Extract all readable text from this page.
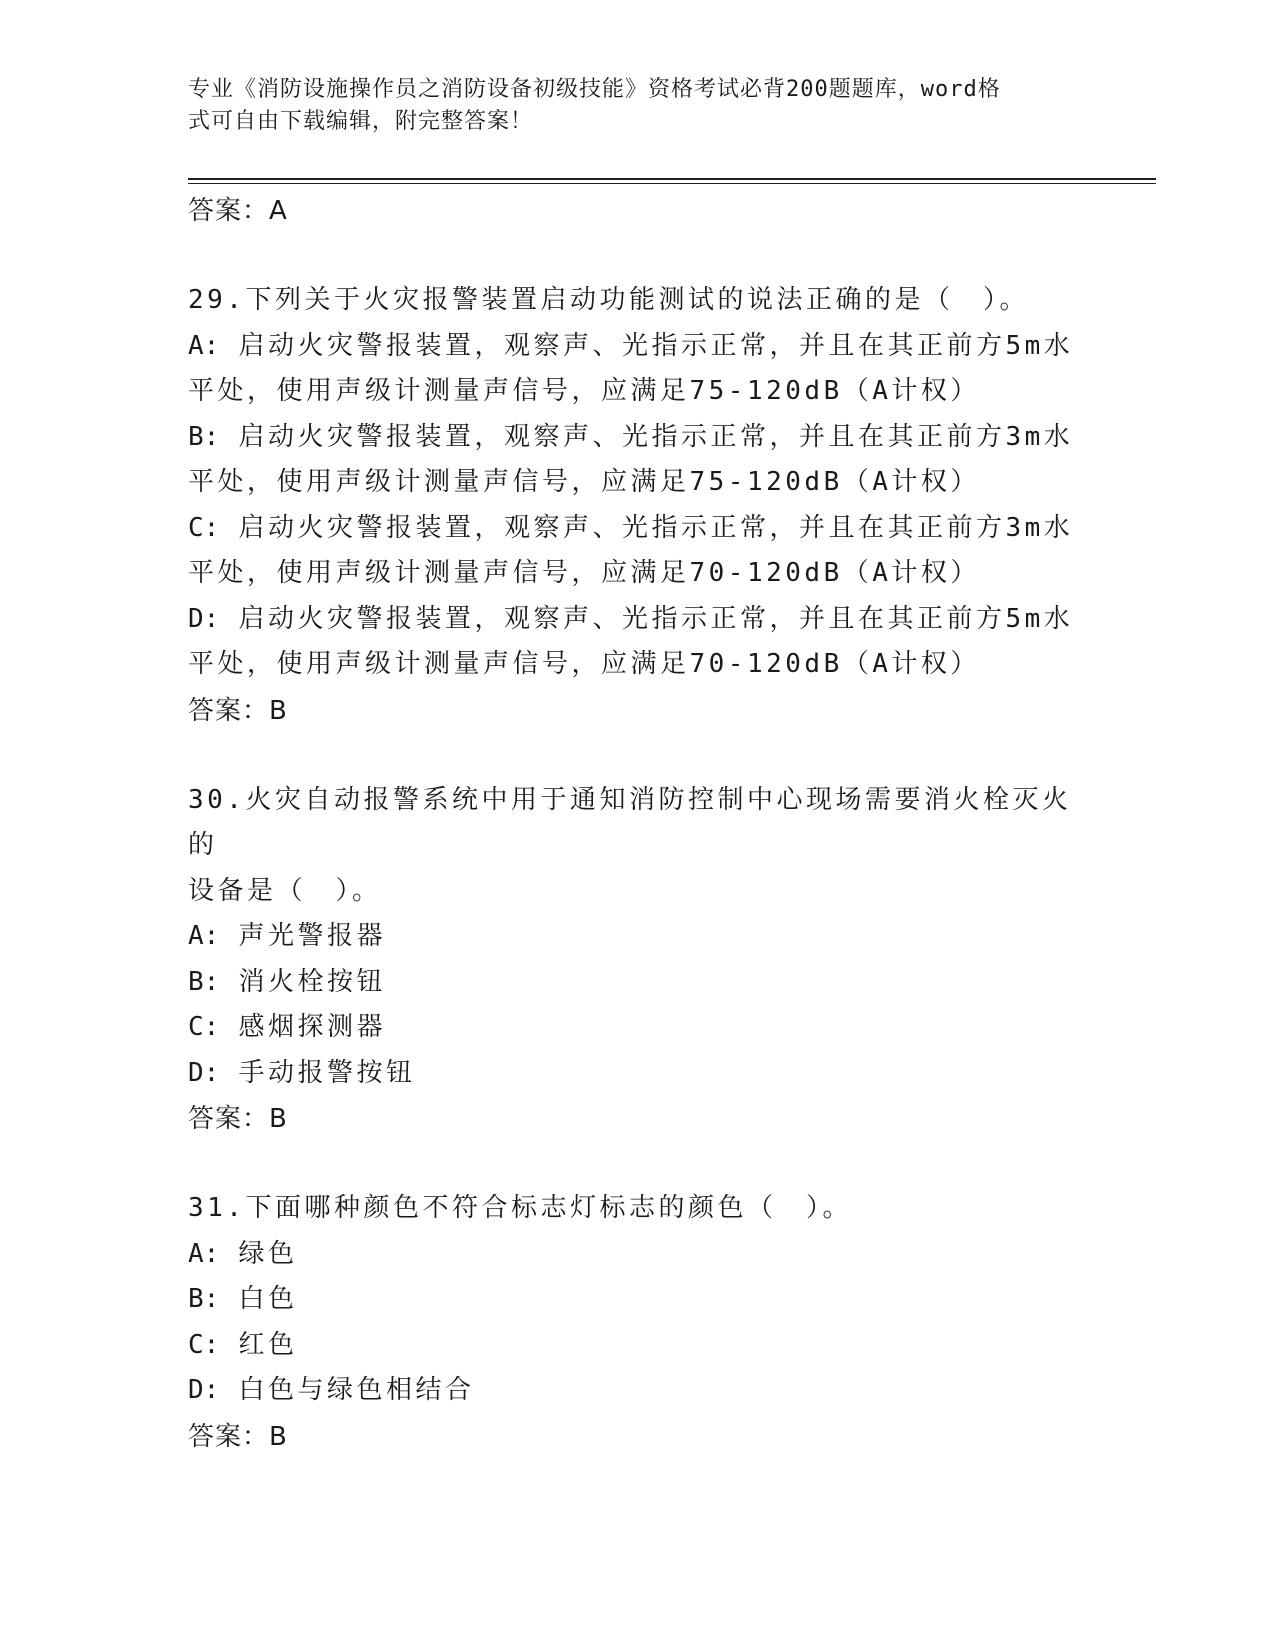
专业《消防设施操作员之消防设备初级技能》资格考试必背200题题库，word格
式可自由下载编辑，附完整答案！
答案：A
29.下列关于火灾报警装置启动功能测试的说法正确的是（　）。
A: 启动火灾警报装置，观察声、光指示正常，并且在其正前方5m水
平处，使用声级计测量声信号，应满足75-120dB（A计权）
B: 启动火灾警报装置，观察声、光指示正常，并且在其正前方3m水
平处，使用声级计测量声信号，应满足75-120dB（A计权）
C: 启动火灾警报装置，观察声、光指示正常，并且在其正前方3m水
平处，使用声级计测量声信号，应满足70-120dB（A计权）
D: 启动火灾警报装置，观察声、光指示正常，并且在其正前方5m水
平处，使用声级计测量声信号，应满足70-120dB（A计权）
答案：B
30.火灾自动报警系统中用于通知消防控制中心现场需要消火栓灭火的
设备是（　）。
A: 声光警报器
B: 消火栓按钮
C: 感烟探测器
D: 手动报警按钮
答案：B
31.下面哪种颜色不符合标志灯标志的颜色（　）。
A: 绿色
B: 白色
C: 红色
D: 白色与绿色相结合
答案：B
